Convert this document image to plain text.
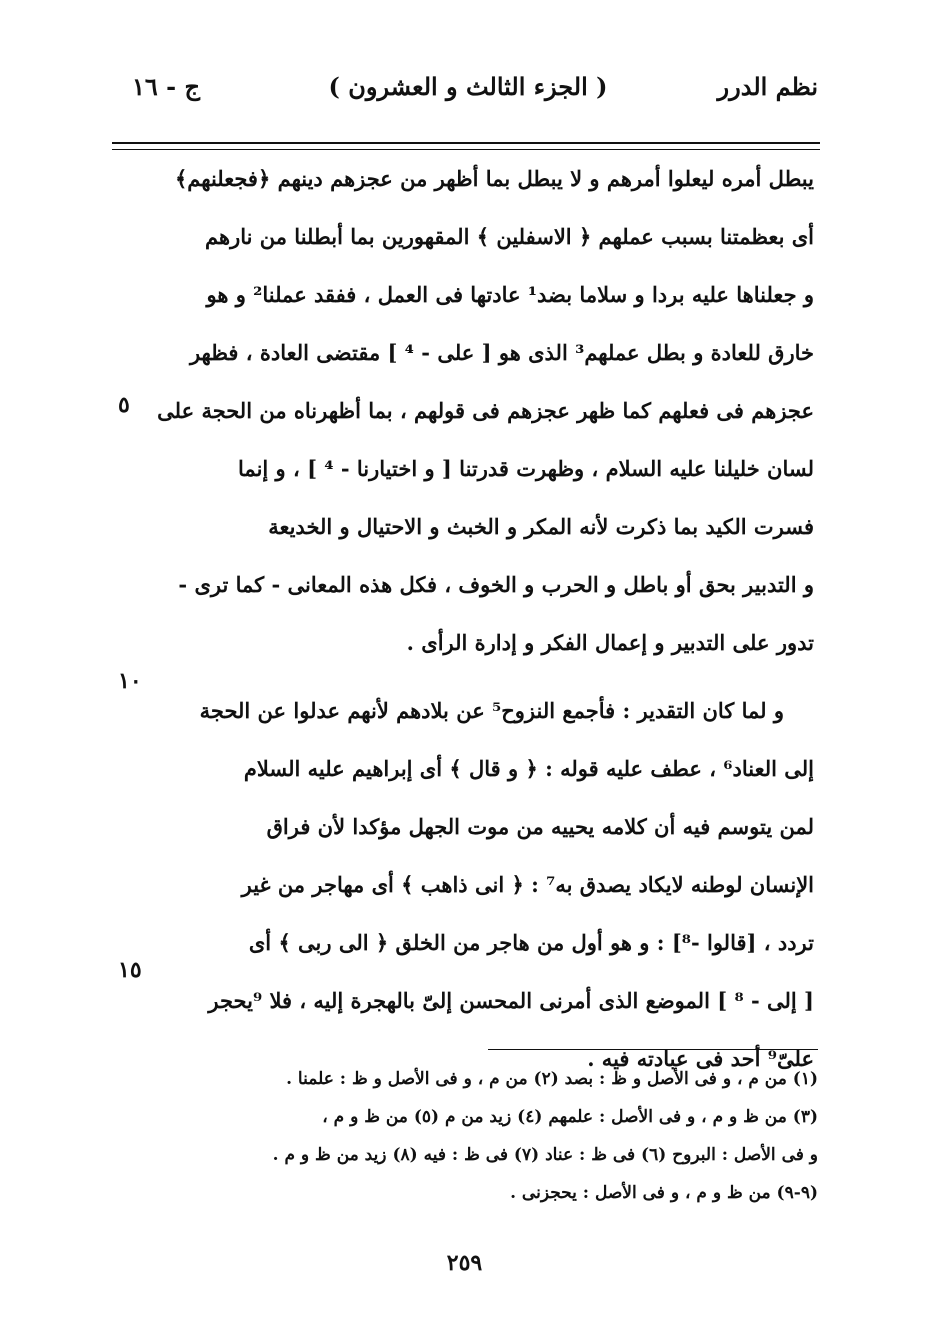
نظم الدرر
( الجزء الثالث و العشرون )
ج - ١٦
يبطل أمره ليعلوا أمرهم و لا يبطل بما أظهر من عجزهم دينهم ﴿فجعلنهم﴾
أى بعظمتنا بسبب عملهم ﴿ الاسفلين ﴾ المقهورين بما أبطلنا من نارهم
و جعلناها عليه بردا و سلاما بضد¹ عادتها فى العمل ، ففقد عملنا² و هو
خارق للعادة و بطل عملهم³ الذى هو [ على - ⁴ ] مقتضى العادة ، فظهر
عجزهم فى فعلهم كما ظهر عجزهم فى قولهم ، بما أظهرناه من الحجة على
لسان خليلنا عليه السلام ، وظهرت قدرتنا [ و اختيارنا - ⁴ ] ، و إنما
فسرت الكيد بما ذكرت لأنه المكر و الخبث و الاحتيال و الخديعة
و التدبير بحق أو باطل و الحرب و الخوف ، فكل هذه المعانى - كما ترى -
تدور على التدبير و إعمال الفكر و إدارة الرأى .
و لما كان التقدير : فأجمع النزوح⁵ عن بلادهم لأنهم عدلوا عن الحجة
إلى العناد⁶ ، عطف عليه قوله : ﴿ و قال ﴾ أى إبراهيم عليه السلام
لمن يتوسم فيه أن كلامه يحييه من موت الجهل مؤكدا لأن فراق
الإنسان لوطنه لايكاد يصدق به⁷ : ﴿ انى ذاهب ﴾ أى مهاجر من غير
تردد ، [قالوا -⁸] : و هو أول من هاجر من الخلق ﴿ الى ربى ﴾ أى
[ إلى - ⁸ ] الموضع الذى أمرنى المحسن إلىّ بالهجرة إليه ، فلا ⁹يحجر
علىّ⁹ أحد فى عبادته فيه .
٥
١٠
١٥
(١) من م ، و فى الأصل و ظ : بصد (٢) من م ، و فى الأصل و ظ : علمنا .
(٣) من ظ و م ، و فى الأصل : علمهم (٤) زيد من م (٥) من ظ و م ،
و فى الأصل : البروح (٦) فى ظ : عناد (٧) فى ظ : فيه (٨) زيد من ظ و م .
(٩-٩) من ظ و م ، و فى الأصل : يحجزنى .
٢٥٩
